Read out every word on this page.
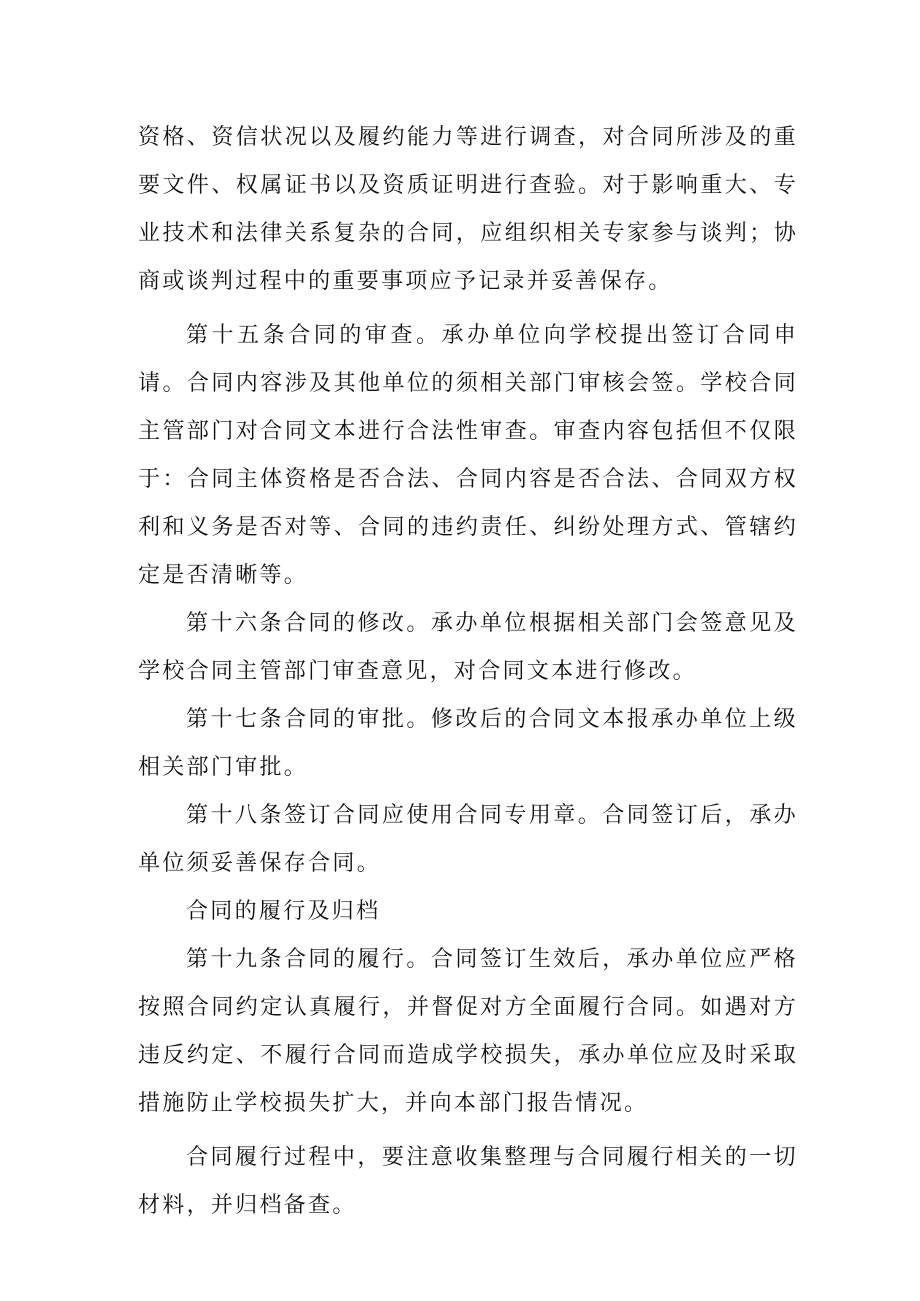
资格、资信状况以及履约能力等进行调查，对合同所涉及的重要文件、权属证书以及资质证明进行查验。对于影响重大、专业技术和法律关系复杂的合同，应组织相关专家参与谈判；协商或谈判过程中的重要事项应予记录并妥善保存。

第十五条合同的审查。承办单位向学校提出签订合同申请。合同内容涉及其他单位的须相关部门审核会签。学校合同主管部门对合同文本进行合法性审查。审查内容包括但不仅限于：合同主体资格是否合法、合同内容是否合法、合同双方权利和义务是否对等、合同的违约责任、纠纷处理方式、管辖约定是否清晰等。

第十六条合同的修改。承办单位根据相关部门会签意见及学校合同主管部门审查意见，对合同文本进行修改。

第十七条合同的审批。修改后的合同文本报承办单位上级相关部门审批。

第十八条签订合同应使用合同专用章。合同签订后，承办单位须妥善保存合同。

合同的履行及归档

第十九条合同的履行。合同签订生效后，承办单位应严格按照合同约定认真履行，并督促对方全面履行合同。如遇对方违反约定、不履行合同而造成学校损失，承办单位应及时采取措施防止学校损失扩大，并向本部门报告情况。

合同履行过程中，要注意收集整理与合同履行相关的一切材料，并归档备查。
